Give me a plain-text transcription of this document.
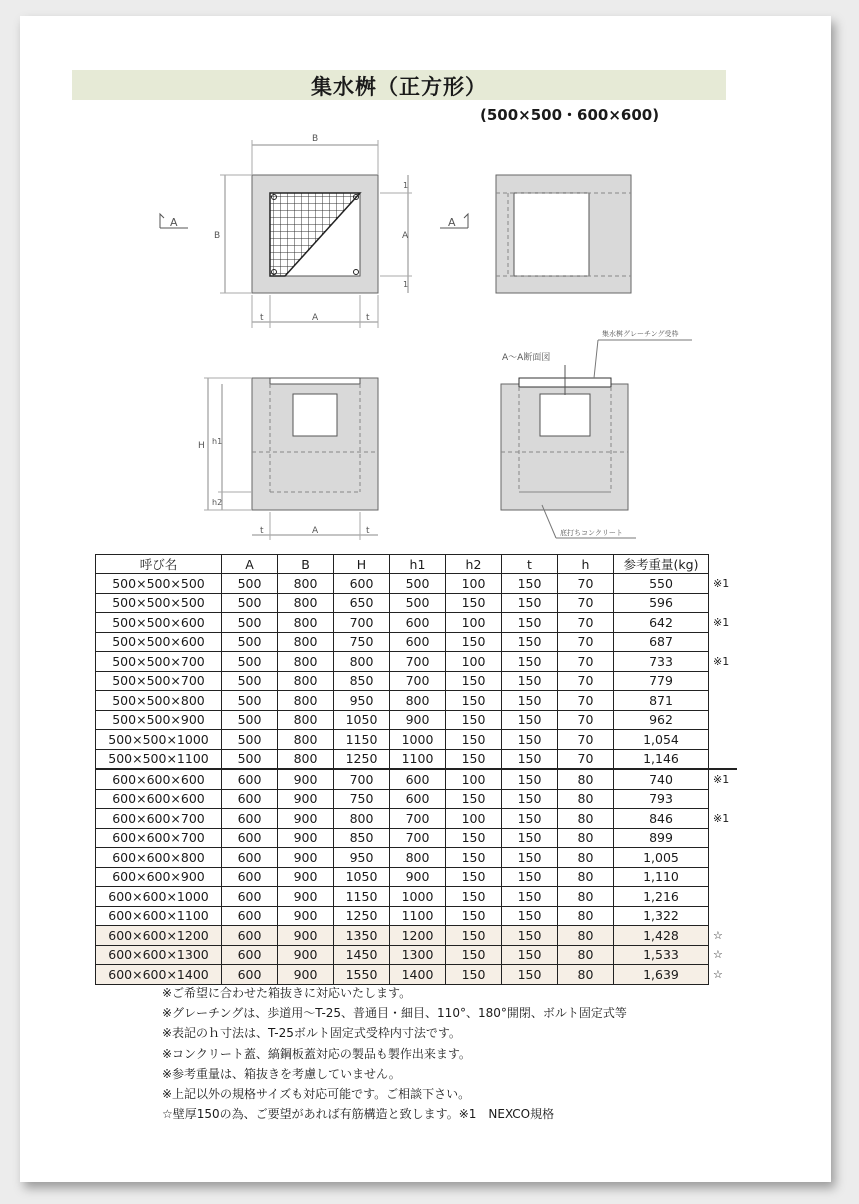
集水桝（正方形）
(500×500・600×600)
B
B
t	A	t
A
1
1
A	A
H h1
h2
t	A	t
A～A断面図
集水桝グレーチング受枠
底打ちコンクリート
呼び名	A	B	H	h1	h2	t	h	参考重量(kg)	
500×500×500	500	800	600	500	100	150	70	550	※1
500×500×500	500	800	650	500	150	150	70	596	
500×500×600	500	800	700	600	100	150	70	642	※1
500×500×600	500	800	750	600	150	150	70	687	
500×500×700	500	800	800	700	100	150	70	733	※1
500×500×700	500	800	850	700	150	150	70	779	
500×500×800	500	800	950	800	150	150	70	871	
500×500×900	500	800	1050	900	150	150	70	962	
500×500×1000	500	800	1150	1000	150	150	70	1,054	
500×500×1100	500	800	1250	1100	150	150	70	1,146	
600×600×600	600	900	700	600	100	150	80	740	※1
600×600×600	600	900	750	600	150	150	80	793	
600×600×700	600	900	800	700	100	150	80	846	※1
600×600×700	600	900	850	700	150	150	80	899	
600×600×800	600	900	950	800	150	150	80	1,005	
600×600×900	600	900	1050	900	150	150	80	1,110	
600×600×1000	600	900	1150	1000	150	150	80	1,216	
600×600×1100	600	900	1250	1100	150	150	80	1,322	
600×600×1200	600	900	1350	1200	150	150	80	1,428	☆
600×600×1300	600	900	1450	1300	150	150	80	1,533	☆
600×600×1400	600	900	1550	1400	150	150	80	1,639	☆
※ご希望に合わせた箱抜きに対応いたします。
※グレーチングは、歩道用～T-25、普通目・細目、110°、180°開閉、ボルト固定式等
※表記のｈ寸法は、T-25ボルト固定式受枠内寸法です。
※コンクリート蓋、縞鋼板蓋対応の製品も製作出来ます。
※参考重量は、箱抜きを考慮していません。
※上記以外の規格サイズも対応可能です。ご相談下さい。
☆壁厚150の為、ご要望があれば有筋構造と致します。※1　NEXCO規格
